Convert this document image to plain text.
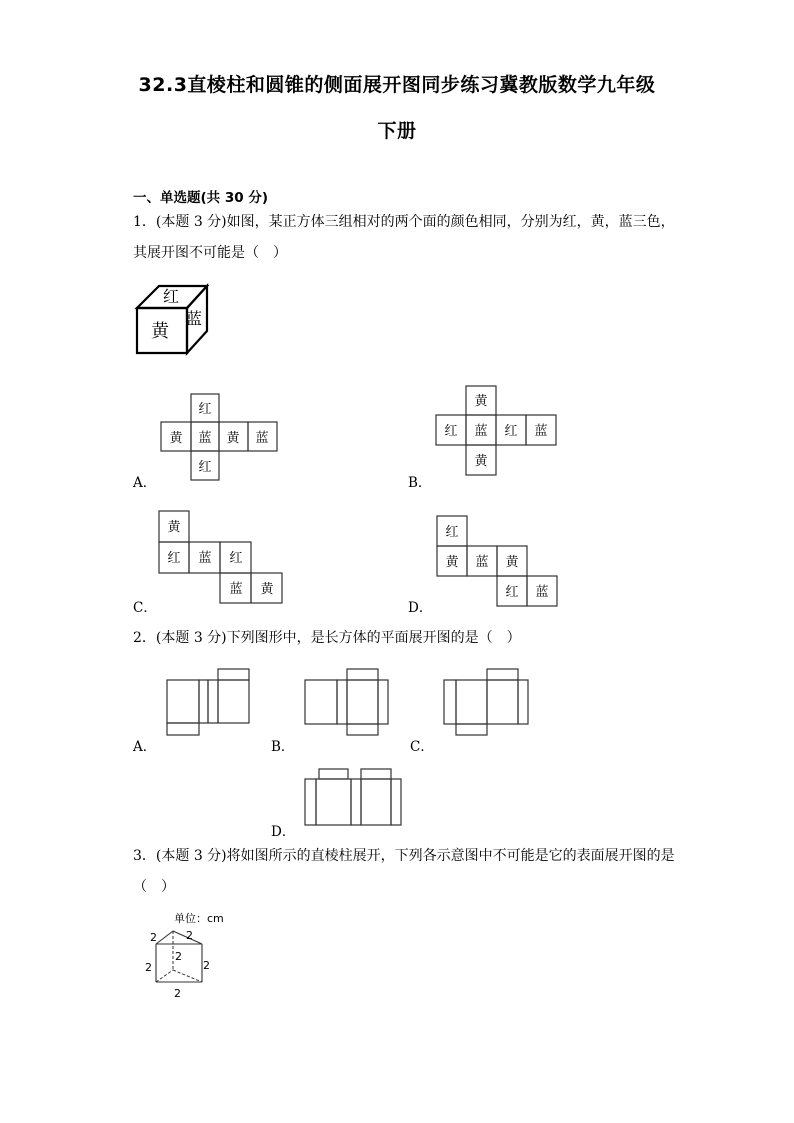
32.3直棱柱和圆锥的侧面展开图同步练习冀教版数学九年级
下册
一、单选题(共 30 分)
1．(本题 3 分)如图，某正方体三组相对的两个面的颜色相同，分别为红，黄，蓝三色，
其展开图不可能是（　）
红
黄
蓝
红
黄 蓝 黄 蓝
红
A．
黄
红 蓝 红 蓝
黄
B．
黄
红 蓝 红
蓝 黄
C．
红
黄 蓝 黄
红 蓝
D．
2．(本题 3 分)下列图形中，是长方体的平面展开图的是（　）
A．	B．	C．
D．
3．(本题 3 分)将如图所示的直棱柱展开，下列各示意图中不可能是它的表面展开图的是
（　）
单位：cm
2	2
2
2
2
2
